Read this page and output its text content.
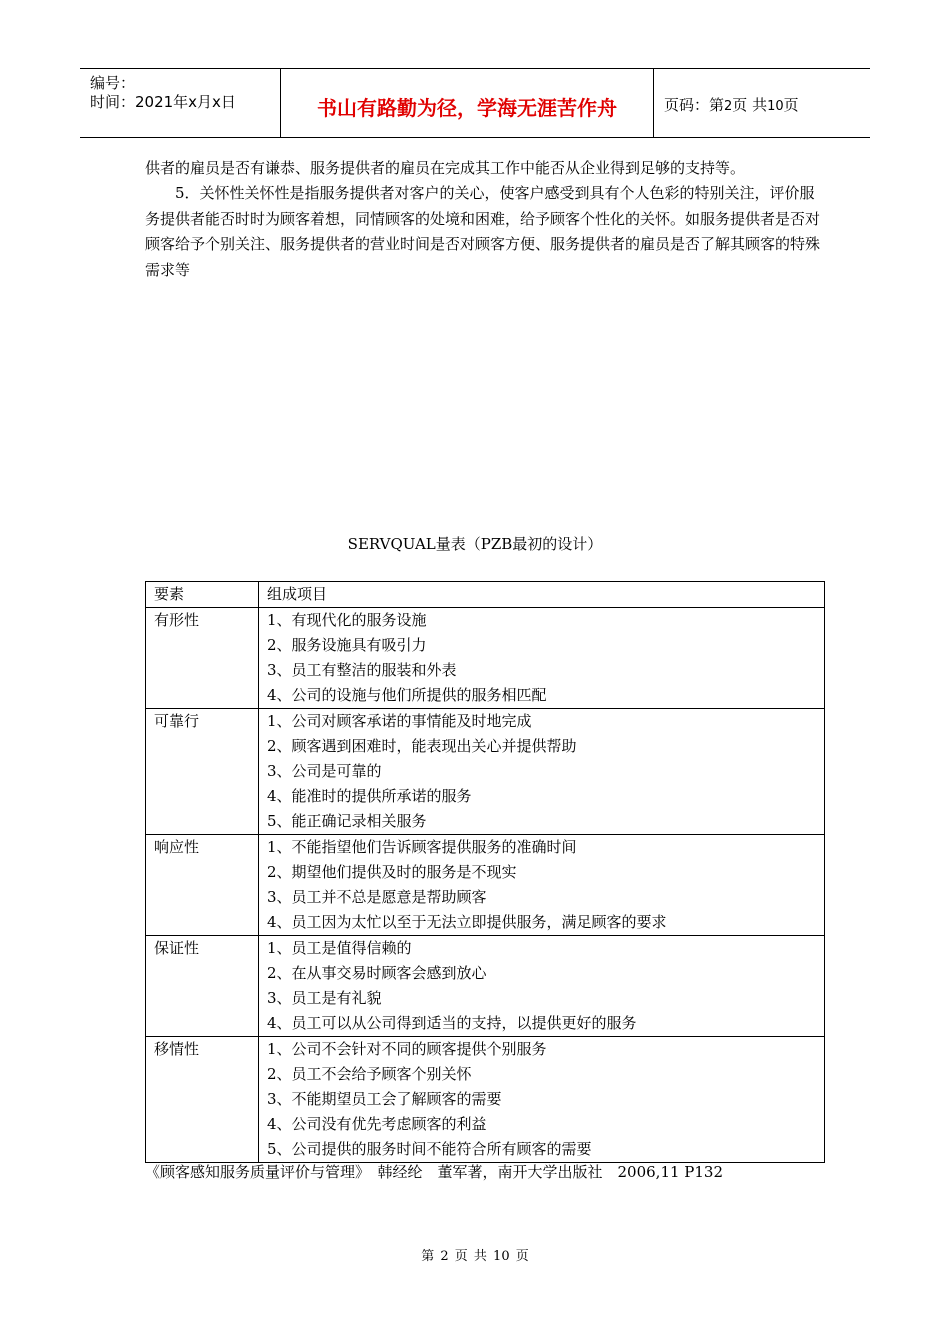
编号：
时间：2021年x月x日	书山有路勤为径，学海无涯苦作舟	页码：第2页 共10页
供者的雇员是否有谦恭、服务提供者的雇员在完成其工作中能否从企业得到足够的支持等。
5．关怀性关怀性是指服务提供者对客户的关心，使客户感受到具有个人色彩的特别关注，评价服务提供者能否时时为顾客着想，同情顾客的处境和困难，给予顾客个性化的关怀。如服务提供者是否对顾客给予个别关注、服务提供者的营业时间是否对顾客方便、服务提供者的雇员是否了解其顾客的特殊需求等
SERVQUAL量表（PZB最初的设计）
要素	组成项目

有形性	1、有现代化的服务设施
2、服务设施具有吸引力
3、员工有整洁的服装和外表
4、公司的设施与他们所提供的服务相匹配

可靠行	1、公司对顾客承诺的事情能及时地完成
2、顾客遇到困难时，能表现出关心并提供帮助
3、公司是可靠的
4、能准时的提供所承诺的服务
5、能正确记录相关服务

响应性	1、不能指望他们告诉顾客提供服务的准确时间
2、期望他们提供及时的服务是不现实
3、员工并不总是愿意是帮助顾客
4、员工因为太忙以至于无法立即提供服务，满足顾客的要求

保证性	1、员工是值得信赖的
2、在从事交易时顾客会感到放心
3、员工是有礼貌
4、员工可以从公司得到适当的支持，以提供更好的服务

移情性	1、公司不会针对不同的顾客提供个别服务
2、员工不会给予顾客个别关怀
3、不能期望员工会了解顾客的需要
4、公司没有优先考虑顾客的利益
5、公司提供的服务时间不能符合所有顾客的需要
《顾客感知服务质量评价与管理》　韩经纶　董军著，南开大学出版社　2006,11 P132
第 2 页 共 10 页
